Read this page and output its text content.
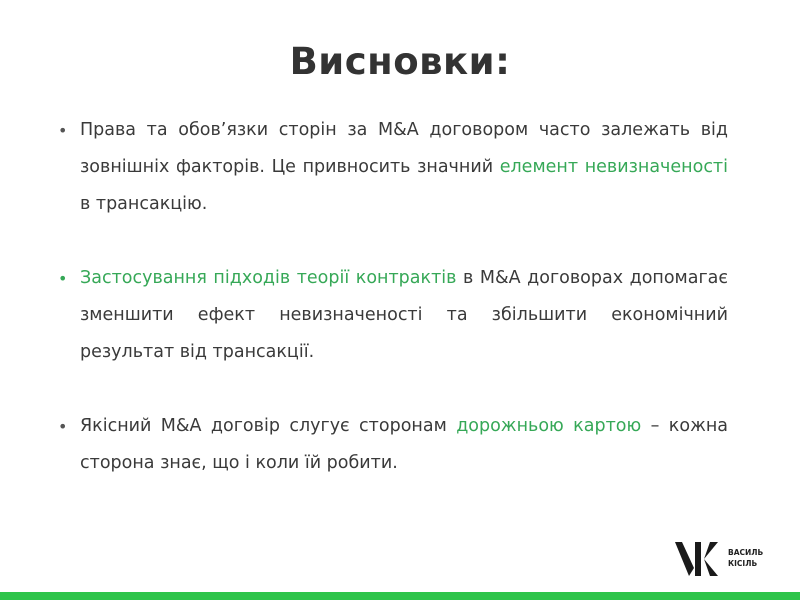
Висновки:
• Права та обов’язки сторін за M&A договором часто залежать від зовнішніх факторів. Це привносить значний елемент невизначеності в трансакцію.
• Застосування підходів теорії контрактів в M&A договорах допомагає зменшити ефект невизначеності та збільшити економічний результат від трансакції.
• Якісний M&A договір слугує сторонам дорожньою картою – кожна сторона знає, що і коли їй робити.
ВАСИЛЬ
КІСІЛЬ
